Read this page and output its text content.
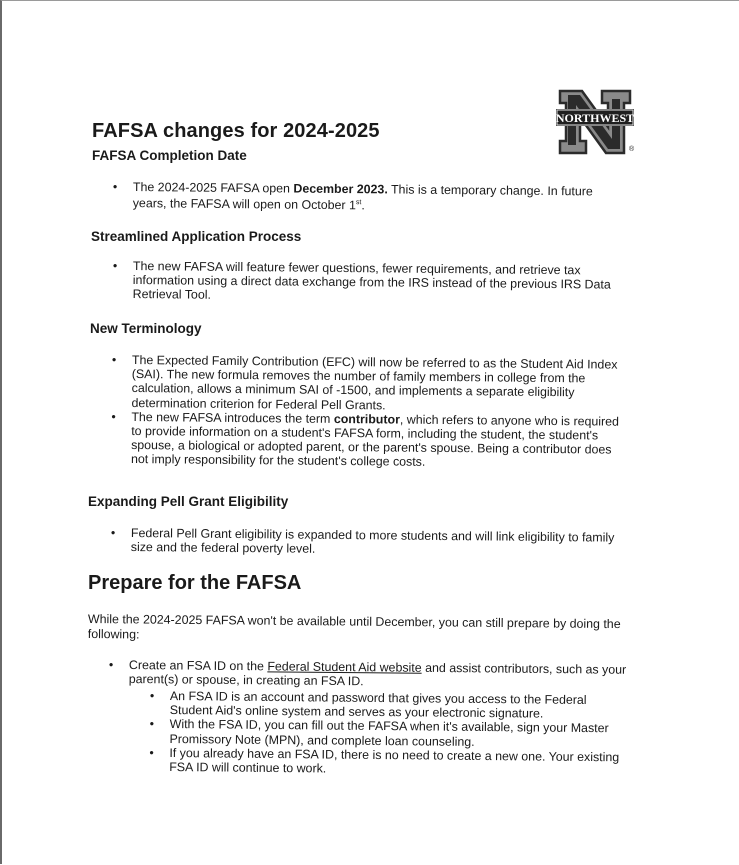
NORTHWEST
®
FAFSA changes for 2024-2025
FAFSA Completion Date
• The 2024-2025 FAFSA open December 2023. This is a temporary change. In future years, the FAFSA will open on October 1st.
Streamlined Application Process
• The new FAFSA will feature fewer questions, fewer requirements, and retrieve tax information using a direct data exchange from the IRS instead of the previous IRS Data Retrieval Tool.
New Terminology
• The Expected Family Contribution (EFC) will now be referred to as the Student Aid Index (SAI). The new formula removes the number of family members in college from the calculation, allows a minimum SAI of -1500, and implements a separate eligibility determination criterion for Federal Pell Grants.
• The new FAFSA introduces the term contributor, which refers to anyone who is required to provide information on a student's FAFSA form, including the student, the student's spouse, a biological or adopted parent, or the parent's spouse. Being a contributor does not imply responsibility for the student's college costs.
Expanding Pell Grant Eligibility
• Federal Pell Grant eligibility is expanded to more students and will link eligibility to family size and the federal poverty level.
Prepare for the FAFSA

While the 2024-2025 FAFSA won't be available until December, you can still prepare by doing the following:

• Create an FSA ID on the Federal Student Aid website and assist contributors, such as your parent(s) or spouse, in creating an FSA ID.
• An FSA ID is an account and password that gives you access to the Federal Student Aid's online system and serves as your electronic signature.
• With the FSA ID, you can fill out the FAFSA when it's available, sign your Master Promissory Note (MPN), and complete loan counseling.
• If you already have an FSA ID, there is no need to create a new one. Your existing FSA ID will continue to work.
